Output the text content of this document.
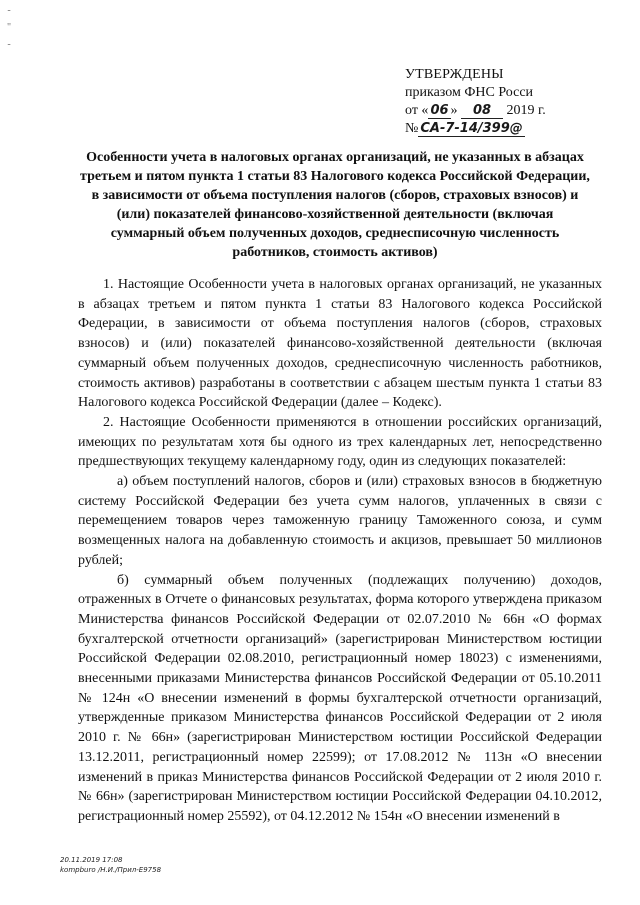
-
"
-
УТВЕРЖДЕНЫ
приказом ФНС Росси
от « 06 » 08 2019 г.
№ СА-7-14/399@
Особенности учета в налоговых органах организаций, не указанных в абзацах третьем и пятом пункта 1 статьи 83 Налогового кодекса Российской Федерации, в зависимости от объема поступления налогов (сборов, страховых взносов) и (или) показателей финансово-хозяйственной деятельности (включая суммарный объем полученных доходов, среднесписочную численность работников, стоимость активов)

1. Настоящие Особенности учета в налоговых органах организаций, не указанных в абзацах третьем и пятом пункта 1 статьи 83 Налогового кодекса Российской Федерации, в зависимости от объема поступления налогов (сборов, страховых взносов) и (или) показателей финансово-хозяйственной деятельности (включая суммарный объем полученных доходов, среднесписочную численность работников, стоимость активов) разработаны в соответствии с абзацем шестым пункта 1 статьи 83 Налогового кодекса Российской Федерации (далее – Кодекс).

2. Настоящие Особенности применяются в отношении российских организаций, имеющих по результатам хотя бы одного из трех календарных лет, непосредственно предшествующих текущему календарному году, один из следующих показателей:

а) объем поступлений налогов, сборов и (или) страховых взносов в бюджетную систему Российской Федерации без учета сумм налогов, уплаченных в связи с перемещением товаров через таможенную границу Таможенного союза, и сумм возмещенных налога на добавленную стоимость и акцизов, превышает 50 миллионов рублей;

б) суммарный объем полученных (подлежащих получению) доходов, отраженных в Отчете о финансовых результатах, форма которого утверждена приказом Министерства финансов Российской Федерации от 02.07.2010 № 66н «О формах бухгалтерской отчетности организаций» (зарегистрирован Министерством юстиции Российской Федерации 02.08.2010, регистрационный номер 18023) с изменениями, внесенными приказами Министерства финансов Российской Федерации от 05.10.2011 № 124н «О внесении изменений в формы бухгалтерской отчетности организаций, утвержденные приказом Министерства финансов Российской Федерации от 2 июля 2010 г. № 66н» (зарегистрирован Министерством юстиции Российской Федерации 13.12.2011, регистрационный номер 22599); от 17.08.2012 № 113н «О внесении изменений в приказ Министерства финансов Российской Федерации от 2 июля 2010 г. № 66н» (зарегистрирован Министерством юстиции Российской Федерации 04.10.2012, регистрационный номер 25592), от 04.12.2012 № 154н «О внесении изменений в

20.11.2019 17:08
kompburo /Н.И./Прил-E9758
